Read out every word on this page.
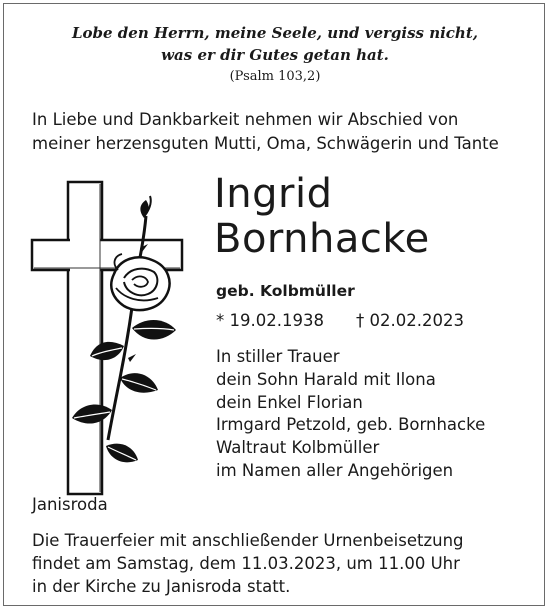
Lobe den Herrn, meine Seele, und vergiss nicht,
was er dir Gutes getan hat.
(Psalm 103,2)
In Liebe und Dankbarkeit nehmen wir Abschied von
meiner herzensguten Mutti, Oma, Schwägerin und Tante
Ingrid
Bornhacke
geb. Kolbmüller
* 19.02.1938 † 02.02.2023
In stiller Trauer
dein Sohn Harald mit Ilona
dein Enkel Florian
Irmgard Petzold, geb. Bornhacke
Waltraut Kolbmüller
im Namen aller Angehörigen
Janisroda
Die Trauerfeier mit anschließender Urnenbeisetzung
findet am Samstag, dem 11.03.2023, um 11.00 Uhr
in der Kirche zu Janisroda statt.
